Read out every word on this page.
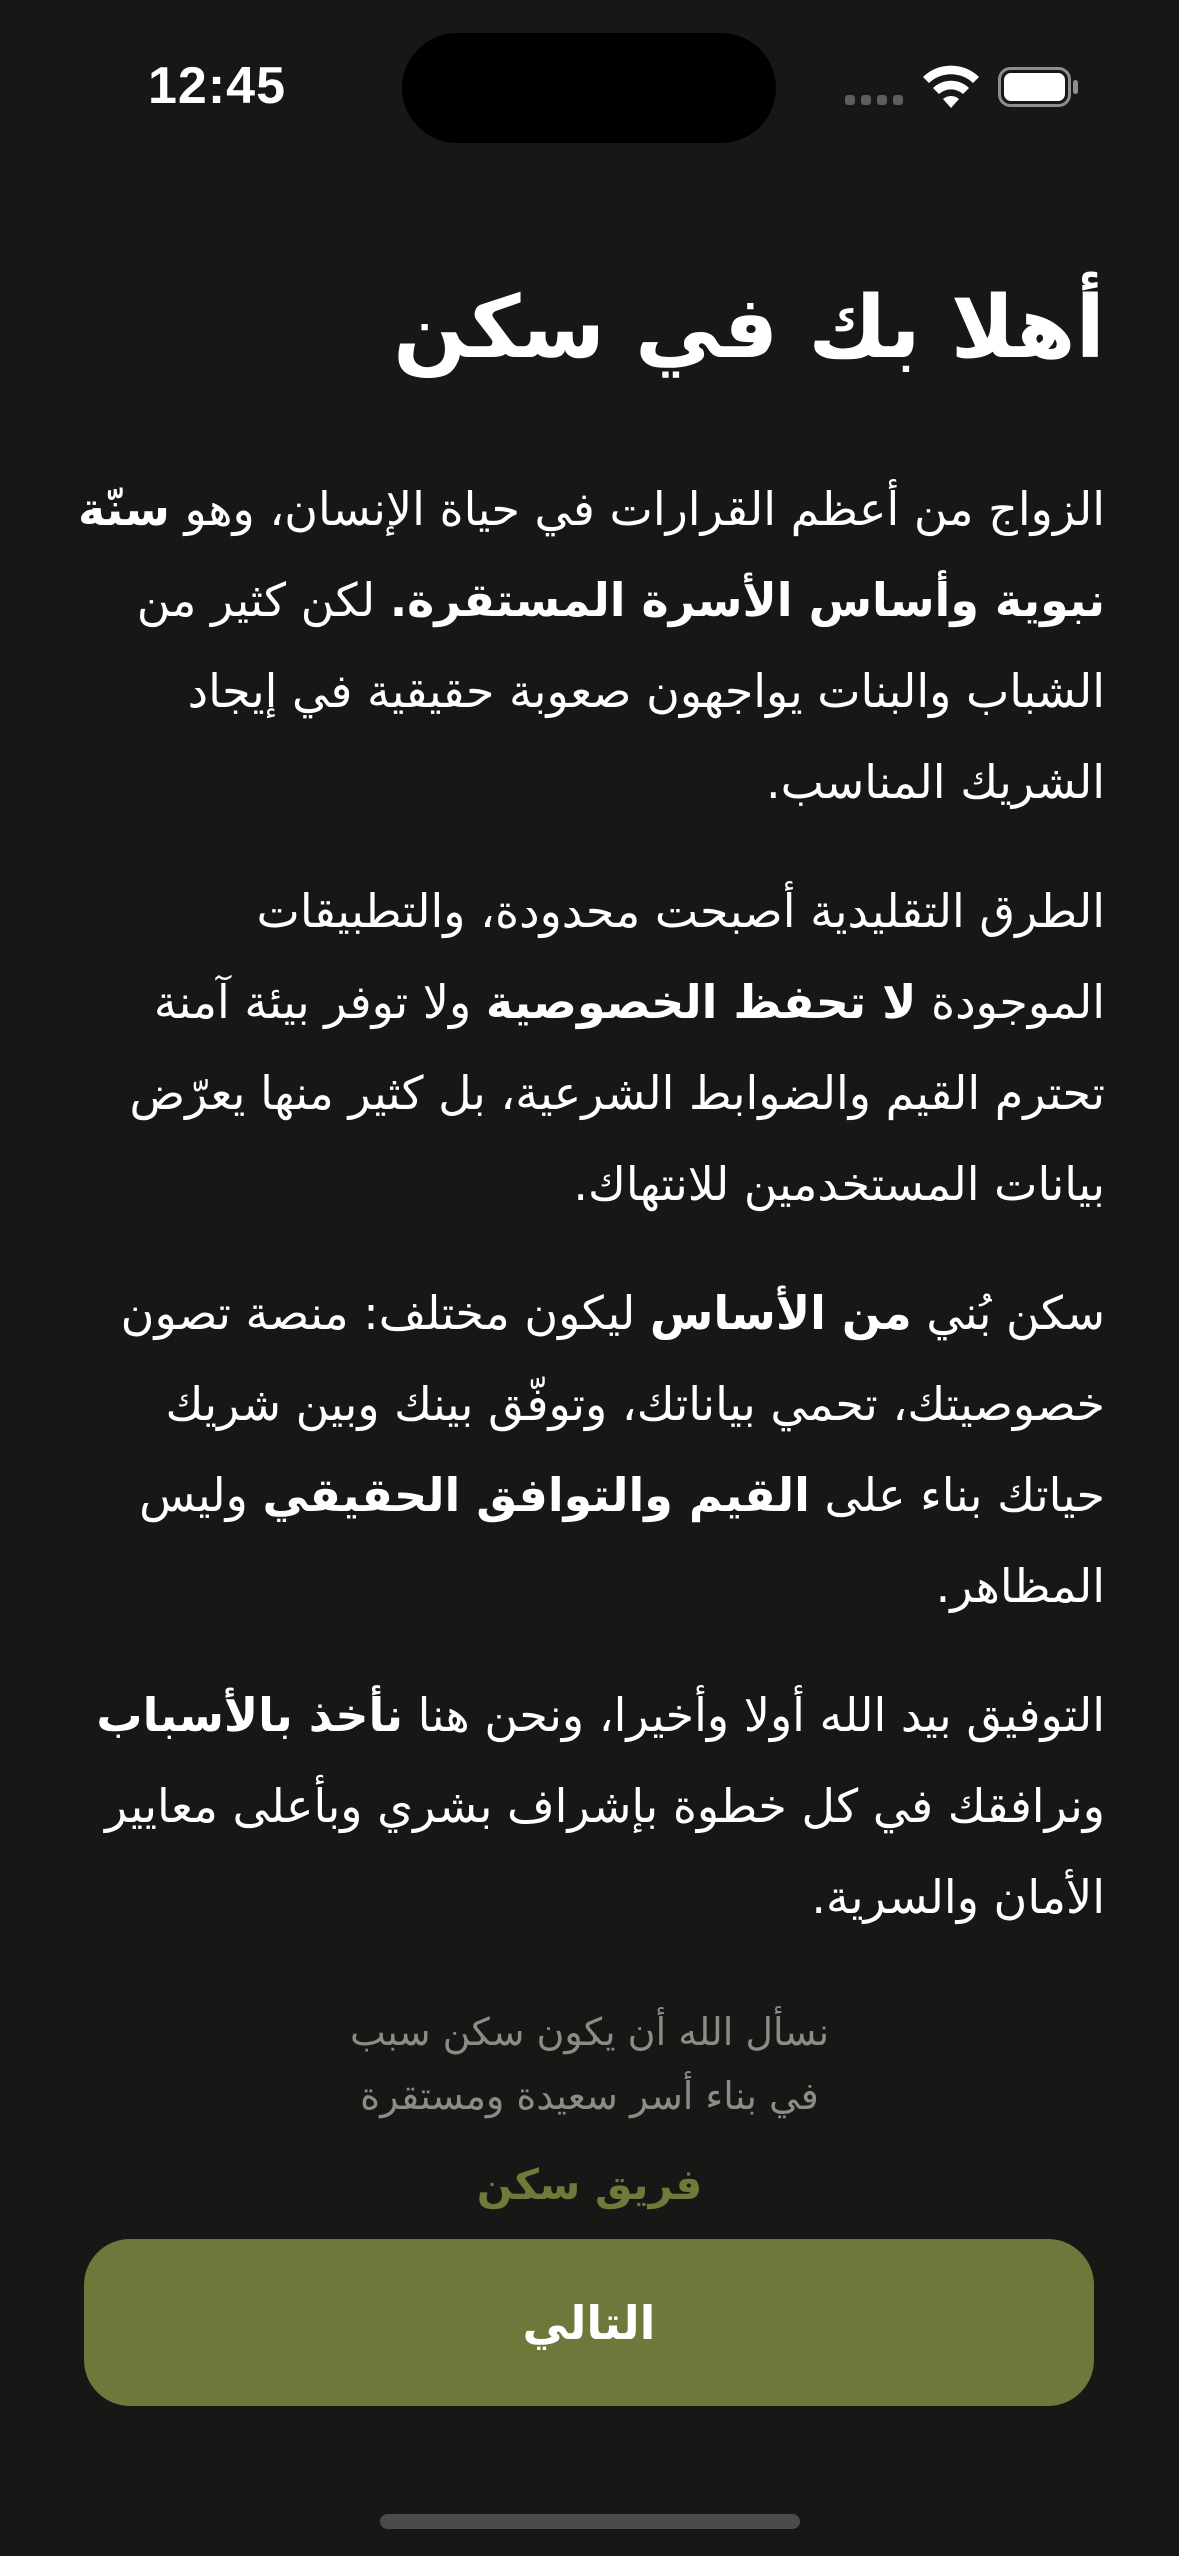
12:45
أهلا بك في سكن

الزواج من أعظم القرارات في حياة الإنسان، وهو سنّة نبوية وأساس الأسرة المستقرة. لكن كثير من الشباب والبنات يواجهون صعوبة حقيقية في إيجاد الشريك المناسب.

الطرق التقليدية أصبحت محدودة، والتطبيقات الموجودة لا تحفظ الخصوصية ولا توفر بيئة آمنة تحترم القيم والضوابط الشرعية، بل كثير منها يعرّض بيانات المستخدمين للانتهاك.

سكن بُني من الأساس ليكون مختلف: منصة تصون خصوصيتك، تحمي بياناتك، وتوفّق بينك وبين شريك حياتك بناء على القيم والتوافق الحقيقي وليس المظاهر.

التوفيق بيد الله أولا وأخيرا، ونحن هنا نأخذ بالأسباب ونرافقك في كل خطوة بإشراف بشري وبأعلى معايير الأمان والسرية.

نسأل الله أن يكون سكن سبب
في بناء أسر سعيدة ومستقرة
فريق سكن
التالي
